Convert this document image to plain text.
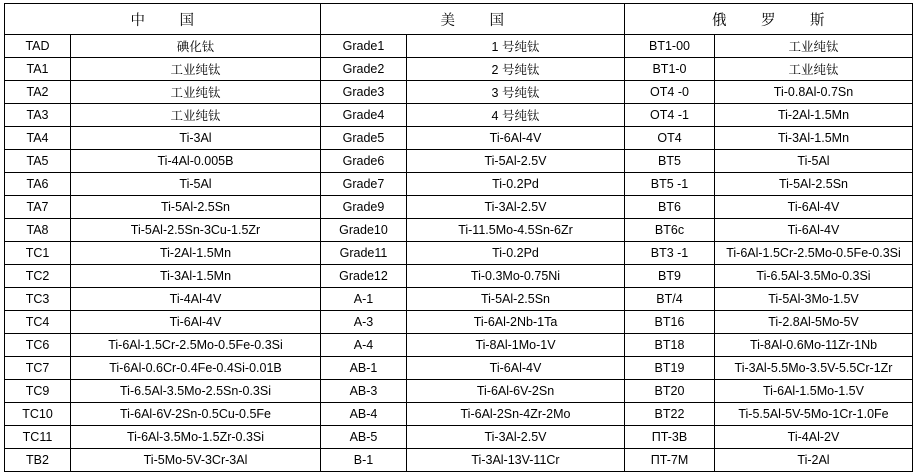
中 国		美 国		俄 罗 斯	

TAD	碘化钛	Grade1	1 号纯钛	BT1-00	工业纯钛
TA1	工业纯钛	Grade2	2 号纯钛	BT1-0	工业纯钛
TA2	工业纯钛	Grade3	3 号纯钛	OT4 -0	Ti-0.8Al-0.7Sn
TA3	工业纯钛	Grade4	4 号纯钛	OT4 -1	Ti-2Al-1.5Mn
TA4	Ti-3Al	Grade5	Ti-6Al-4V	OT4	Ti-3Al-1.5Mn
TA5	Ti-4Al-0.005B	Grade6	Ti-5Al-2.5V	BT5	Ti-5Al
TA6	Ti-5Al	Grade7	Ti-0.2Pd	BT5 -1	Ti-5Al-2.5Sn
TA7	Ti-5Al-2.5Sn	Grade9	Ti-3Al-2.5V	BT6	Ti-6Al-4V
TA8	Ti-5Al-2.5Sn-3Cu-1.5Zr	Grade10	Ti-11.5Mo-4.5Sn-6Zr	BT6c	Ti-6Al-4V
TC1	Ti-2Al-1.5Mn	Grade11	Ti-0.2Pd	BT3 -1	Ti-6Al-1.5Cr-2.5Mo-0.5Fe-0.3Si
TC2	Ti-3Al-1.5Mn	Grade12	Ti-0.3Mo-0.75Ni	BT9	Ti-6.5Al-3.5Mo-0.3Si
TC3	Ti-4Al-4V	A-1	Ti-5Al-2.5Sn	BT/4	Ti-5Al-3Mo-1.5V
TC4	Ti-6Al-4V	A-3	Ti-6Al-2Nb-1Ta	BT16	Ti-2.8Al-5Mo-5V
TC6	Ti-6Al-1.5Cr-2.5Mo-0.5Fe-0.3Si	A-4	Ti-8Al-1Mo-1V	BT18	Ti-8Al-0.6Mo-11Zr-1Nb
TC7	Ti-6Al-0.6Cr-0.4Fe-0.4Si-0.01B	AB-1	Ti-6Al-4V	BT19	Ti-3Al-5.5Mo-3.5V-5.5Cr-1Zr
TC9	Ti-6.5Al-3.5Mo-2.5Sn-0.3Si	AB-3	Ti-6Al-6V-2Sn	BT20	Ti-6Al-1.5Mo-1.5V
TC10	Ti-6Al-6V-2Sn-0.5Cu-0.5Fe	AB-4	Ti-6Al-2Sn-4Zr-2Mo	BT22	Ti-5.5Al-5V-5Mo-1Cr-1.0Fe
TC11	Ti-6Al-3.5Mo-1.5Zr-0.3Si	AB-5	Ti-3Al-2.5V	ΠT-3B	Ti-4Al-2V
TB2	Ti-5Mo-5V-3Cr-3Al	B-1	Ti-3Al-13V-11Cr	ΠT-7M	Ti-2Al
